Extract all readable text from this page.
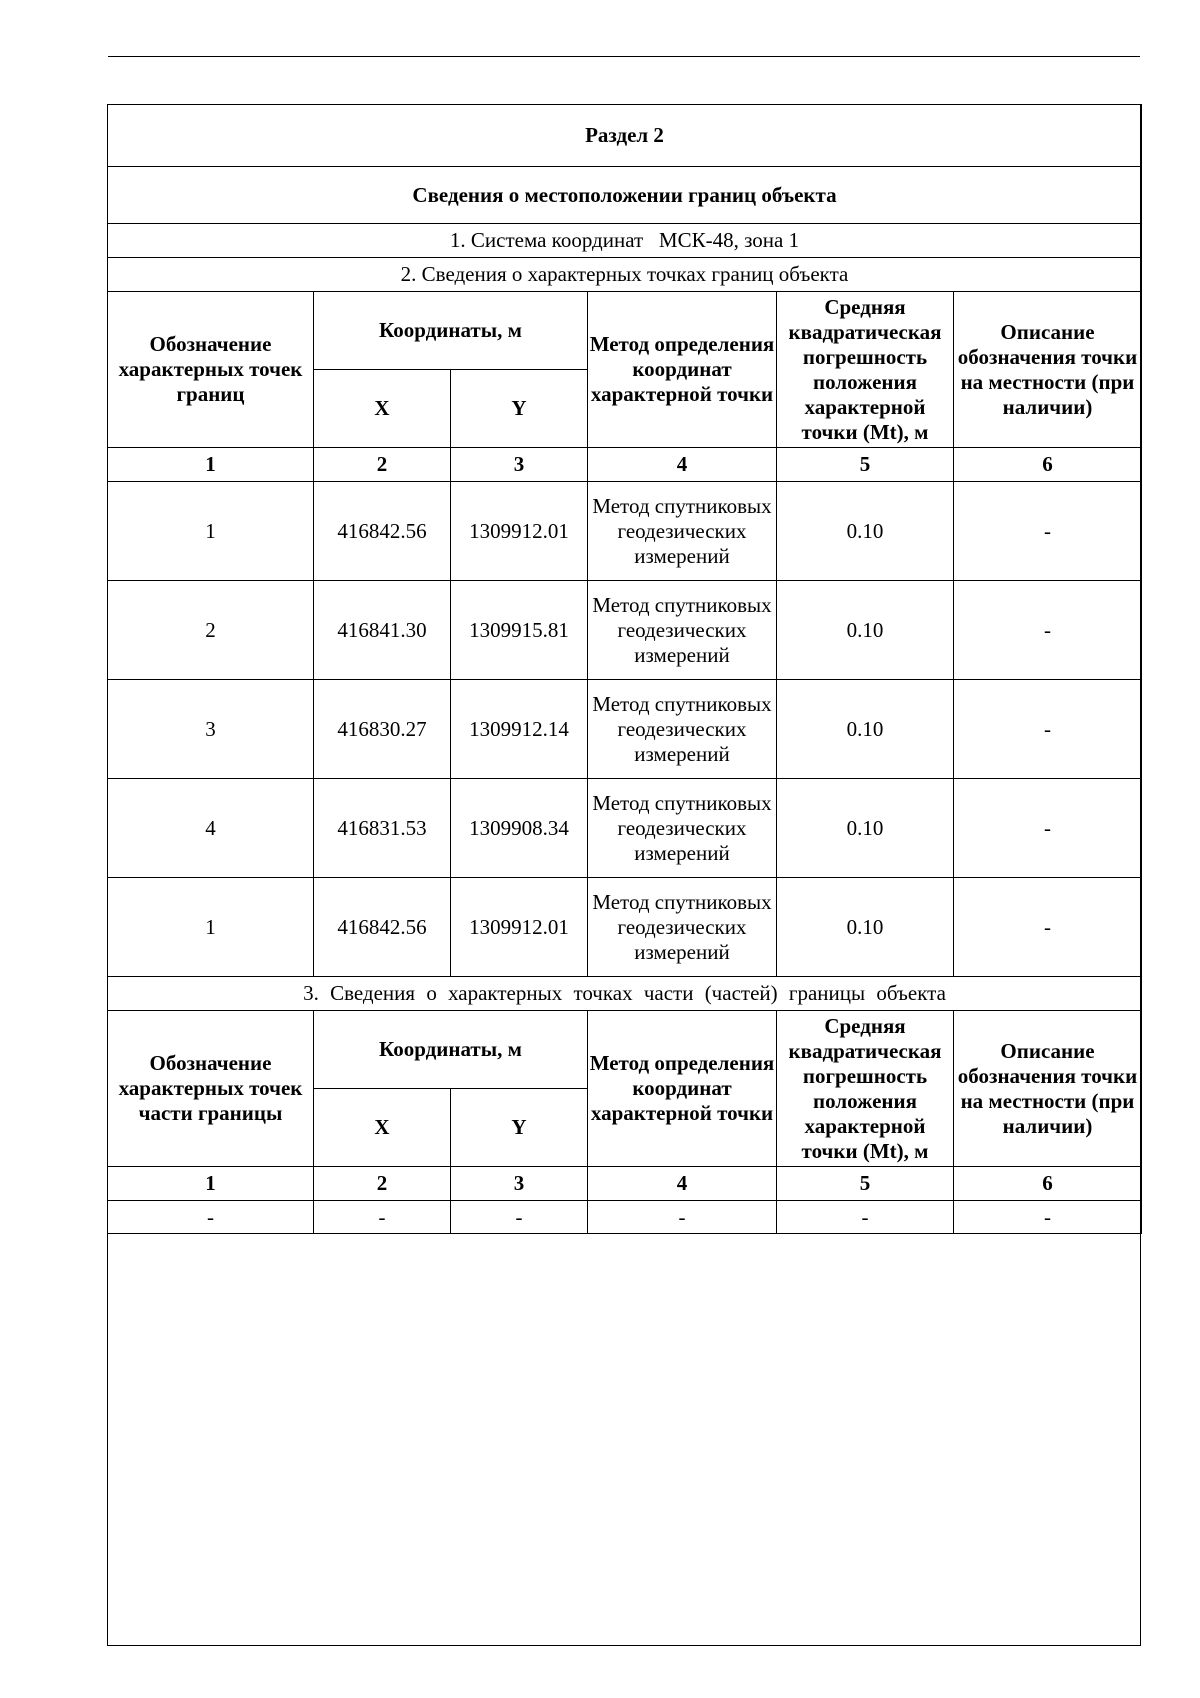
Раздел 2					
Сведения о местоположении границ объекта					
1. Система координат МСК-48, зона 1					
2. Сведения о характерных точках границ объекта					
Обозначение характерных точек границ	Координаты, м		Метод определения координат характерной точки	Средняя квадратическая погрешность положения характерной точки (Mt), м	Описание обозначения точки на местности (при наличии)
	X	Y			
1	2	3	4	5	6
1	416842.56	1309912.01	Метод спутниковых геодезических измерений	0.10	-
2	416841.30	1309915.81	Метод спутниковых геодезических измерений	0.10	-
3	416830.27	1309912.14	Метод спутниковых геодезических измерений	0.10	-
4	416831.53	1309908.34	Метод спутниковых геодезических измерений	0.10	-
1	416842.56	1309912.01	Метод спутниковых геодезических измерений	0.10	-
3. Сведения о характерных точках части (частей) границы объекта					
Обозначение характерных точек части границы	Координаты, м		Метод определения координат характерной точки	Средняя квадратическая погрешность положения характерной точки (Mt), м	Описание обозначения точки на местности (при наличии)
	X	Y			
1	2	3	4	5	6
-	-	-	-	-	-
